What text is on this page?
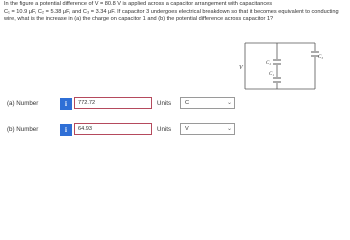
In the figure a potential difference of V = 80.8 V is applied across a capacitor arrangement with capacitances
C₁ = 10.9 μF, C₂ = 5.38 μF, and C₃ = 3.34 μF. If capacitor 3 undergoes electrical breakdown so that it becomes equivalent to conducting
wire, what is the increase in (a) the charge on capacitor 1 and (b) the potential difference across capacitor 1?
V
C₃
C₂
C₁
(a) Number	i	772.72	Units	C	⌄
(b) Number	i	64.93	Units	V	⌄
